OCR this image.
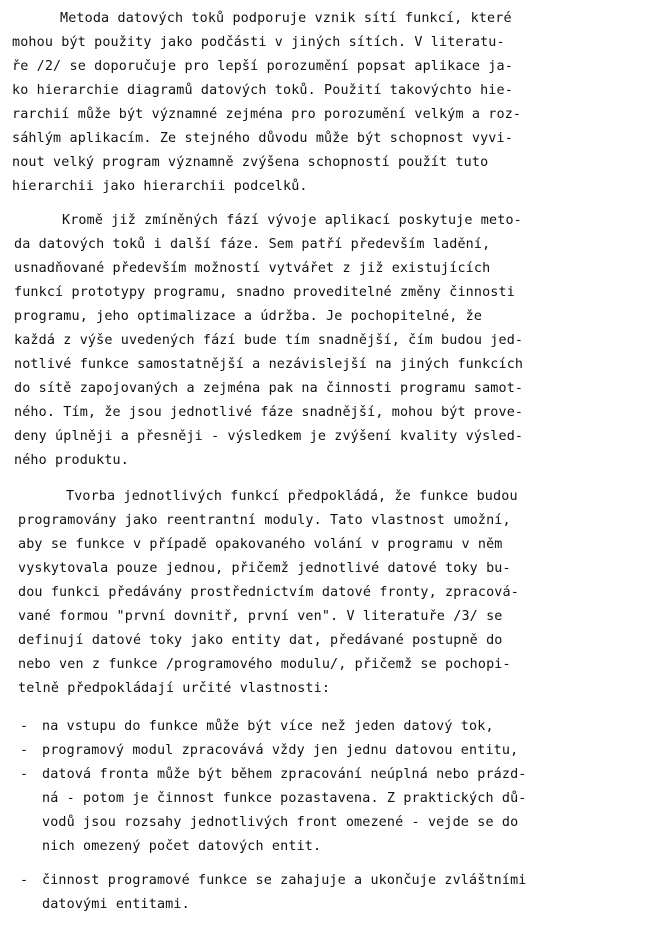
Metoda datových toků podporuje vznik sítí funkcí, které
mohou být použity jako podčásti v jiných sítích. V literatu-
ře /2/ se doporučuje pro lepší porozumění popsat aplikace ja-
ko hierarchie diagramů datových toků. Použití takovýchto hie-
rarchií může být významné zejména pro porozumění velkým a roz-
sáhlým aplikacím. Ze stejného důvodu může být schopnost vyvi-
nout velký program významně zvýšena schopností použít tuto
hierarchii jako hierarchii podcelků.
Kromě již zmíněných fází vývoje aplikací poskytuje meto-
da datových toků i další fáze. Sem patří především ladění,
usnadňované především možností vytvářet z již existujících
funkcí prototypy programu, snadno proveditelné změny činnosti
programu, jeho optimalizace a údržba. Je pochopitelné, že
každá z výše uvedených fází bude tím snadnější, čím budou jed-
notlivé funkce samostatnější a nezávislejší na jiných funkcích
do sítě zapojovaných a zejména pak na činnosti programu samot-
ného. Tím, že jsou jednotlivé fáze snadnější, mohou být prove-
deny úplněji a přesněji - výsledkem je zvýšení kvality výsled-
ného produktu.
Tvorba jednotlivých funkcí předpokládá, že funkce budou
programovány jako reentrantní moduly. Tato vlastnost umožní,
aby se funkce v případě opakovaného volání v programu v něm
vyskytovala pouze jednou, přičemž jednotlivé datové toky bu-
dou funkci předávány prostřednictvím datové fronty, zpracová-
vané formou "první dovnitř, první ven". V literatuře /3/ se
definují datové toky jako entity dat, předávané postupně do
nebo ven z funkce /programového modulu/, přičemž se pochopi-
telně předpokládají určité vlastnosti:
- na vstupu do funkce může být více než jeden datový tok,
- programový modul zpracovává vždy jen jednu datovou entitu,
- datová fronta může být během zpracování neúplná nebo prázd-
ná - potom je činnost funkce pozastavena. Z praktických dů-
vodů jsou rozsahy jednotlivých front omezené - vejde se do
nich omezený počet datových entit.
- činnost programové funkce se zahajuje a ukončuje zvláštními
datovými entitami.
